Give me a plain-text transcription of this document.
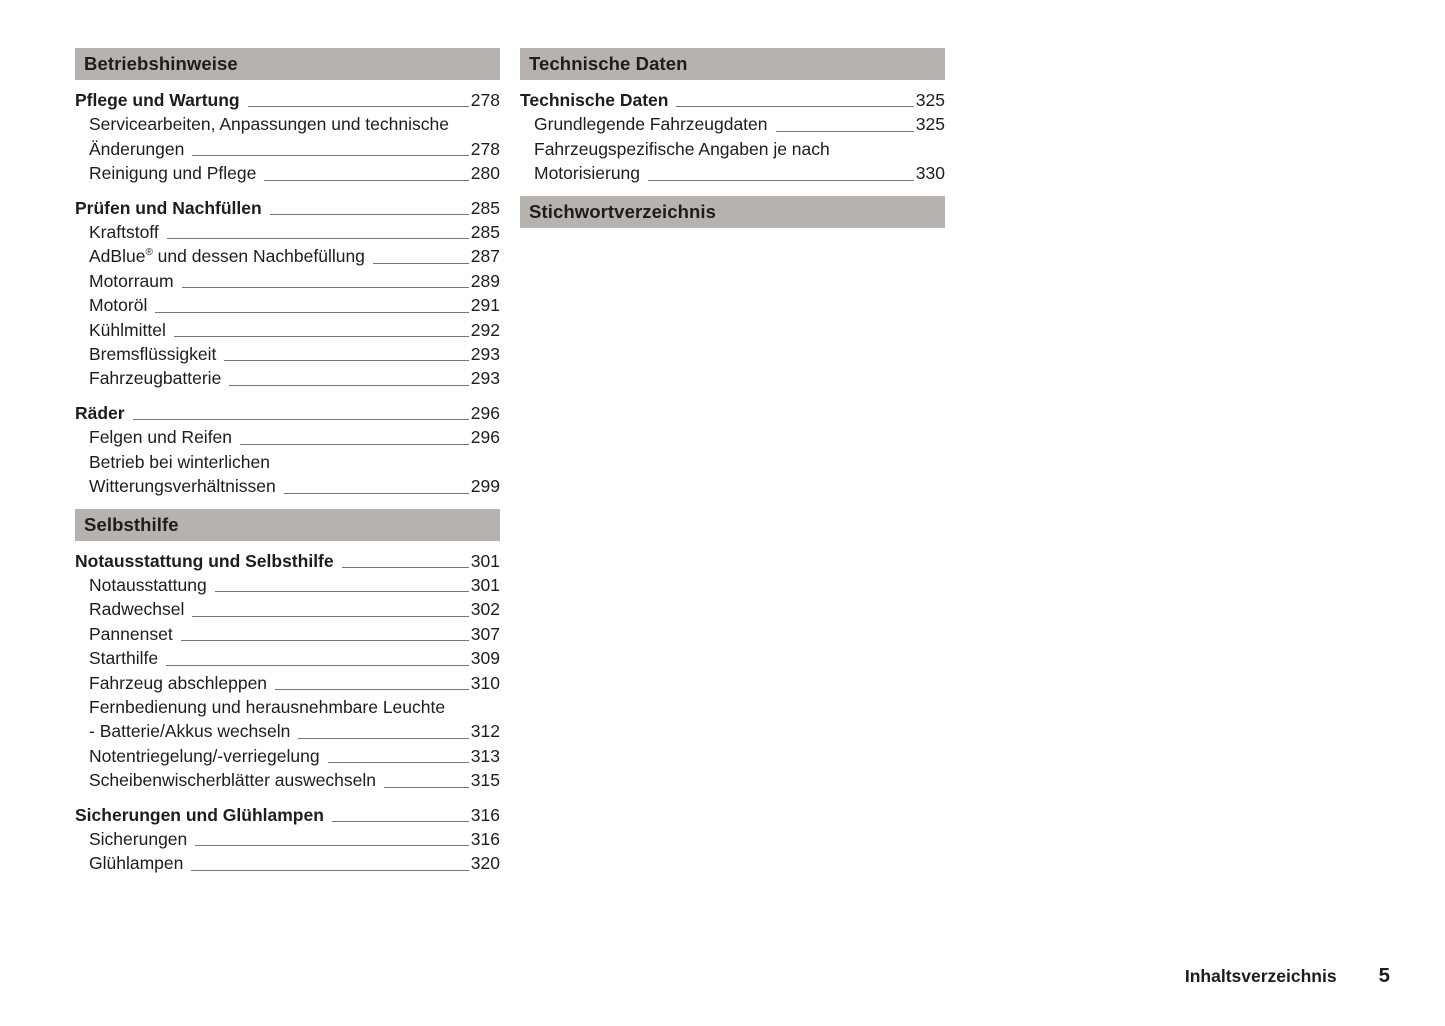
Betriebshinweise
Pflege und Wartung	278
Servicearbeiten, Anpassungen und technische
Änderungen	278
Reinigung und Pflege	280
Prüfen und Nachfüllen	285
Kraftstoff	285
AdBlue® und dessen Nachbefüllung	287
Motorraum	289
Motoröl	291
Kühlmittel	292
Bremsflüssigkeit	293
Fahrzeugbatterie	293
Räder	296
Felgen und Reifen	296
Betrieb bei winterlichen
Witterungsverhältnissen	299
Selbsthilfe
Notausstattung und Selbsthilfe	301
Notausstattung	301
Radwechsel	302
Pannenset	307
Starthilfe	309
Fahrzeug abschleppen	310
Fernbedienung und herausnehmbare Leuchte
- Batterie/Akkus wechseln	312
Notentriegelung/-verriegelung	313
Scheibenwischerblätter auswechseln	315
Sicherungen und Glühlampen	316
Sicherungen	316
Glühlampen	320
Technische Daten
Technische Daten	325
Grundlegende Fahrzeugdaten	325
Fahrzeugspezifische Angaben je nach
Motorisierung	330
Stichwortverzeichnis
Inhaltsverzeichnis 5
